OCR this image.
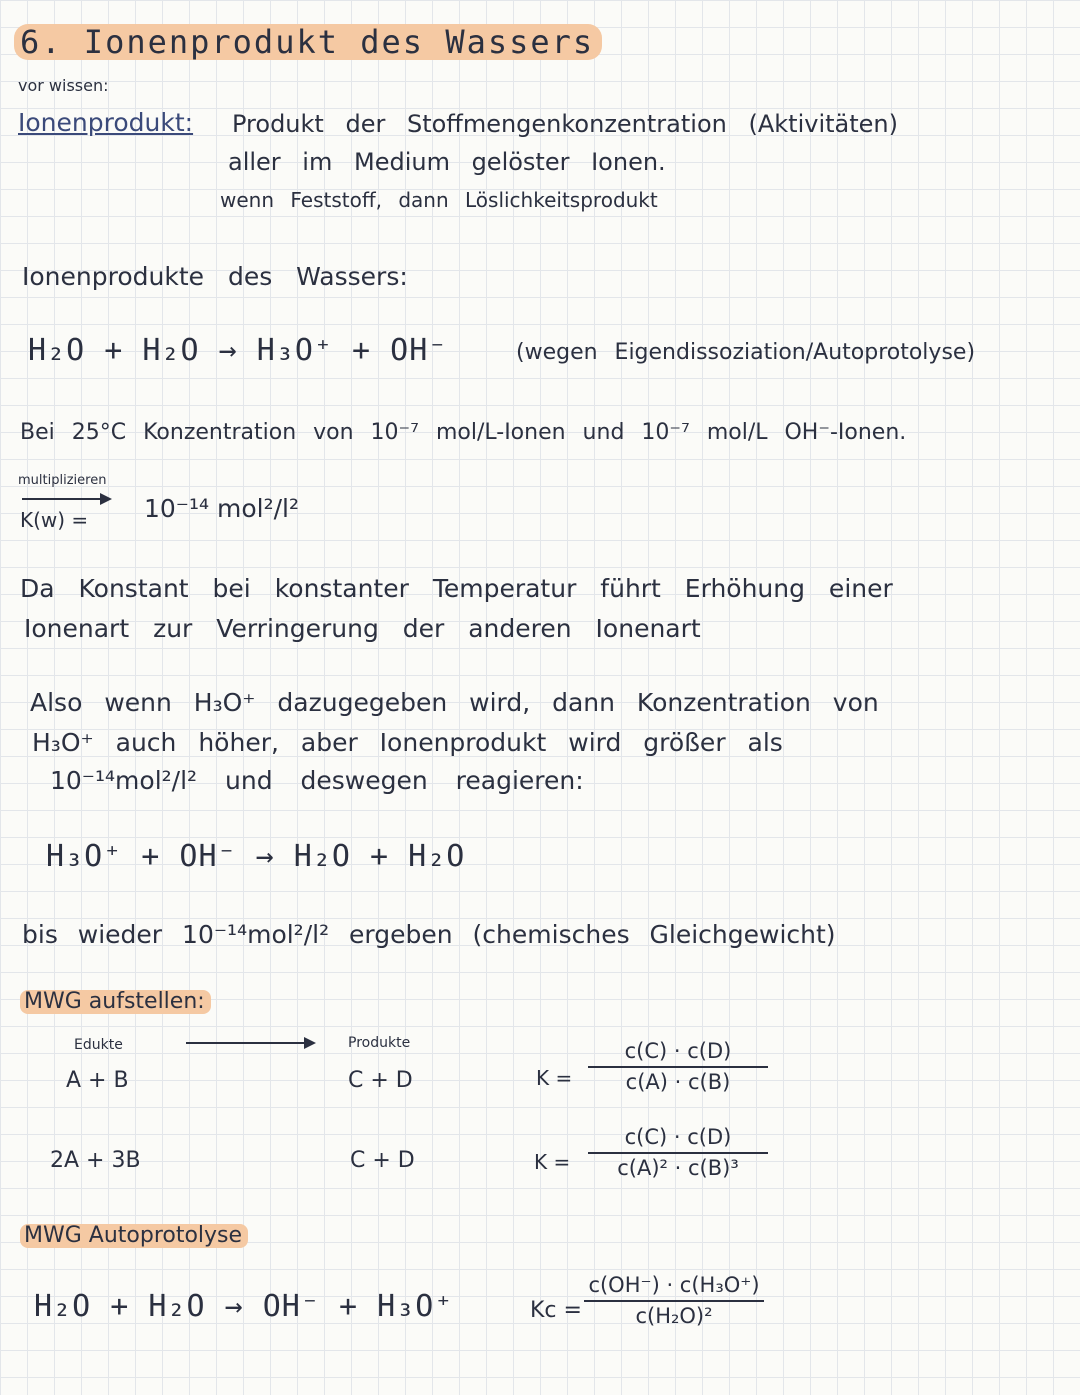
6. Ionenprodukt des Wassers
vor wissen:
Ionenprodukt: Produkt der Stoffmengenkonzentration (Aktivitäten)
aller im Medium gelöster Ionen.
wenn Feststoff, dann Löslichkeitsprodukt
Ionenprodukte des Wassers:
H₂O + H₂O → H₃O⁺ + OH⁻	(wegen Eigendissoziation/Autoprotolyse)
Bei 25°C Konzentration von 10⁻⁷ mol/L-Ionen und 10⁻⁷ mol/L OH⁻-Ionen.
multiplizieren
K(w) = 10⁻¹⁴ mol²/l²
Da Konstant bei konstanter Temperatur führt Erhöhung einer
Ionenart zur Verringerung der anderen Ionenart
Also wenn H₃O⁺ dazugegeben wird, dann Konzentration von
H₃O⁺ auch höher, aber Ionenprodukt wird größer als
10⁻¹⁴mol²/l² und deswegen reagieren:
H₃O⁺ + OH⁻ → H₂O + H₂O
bis wieder 10⁻¹⁴mol²/l² ergeben (chemisches Gleichgewicht)
MWG aufstellen:
Edukte	Produkte
A + B	C + D	K =
c(C) · c(D)
c(A) · c(B)
2A + 3B	C + D	K =
c(C) · c(D)
c(A)² · c(B)³
MWG Autoprotolyse
H₂O + H₂O → OH⁻ + H₃O⁺	Kc =
c(OH⁻) · c(H₃O⁺)
c(H₂O)²
